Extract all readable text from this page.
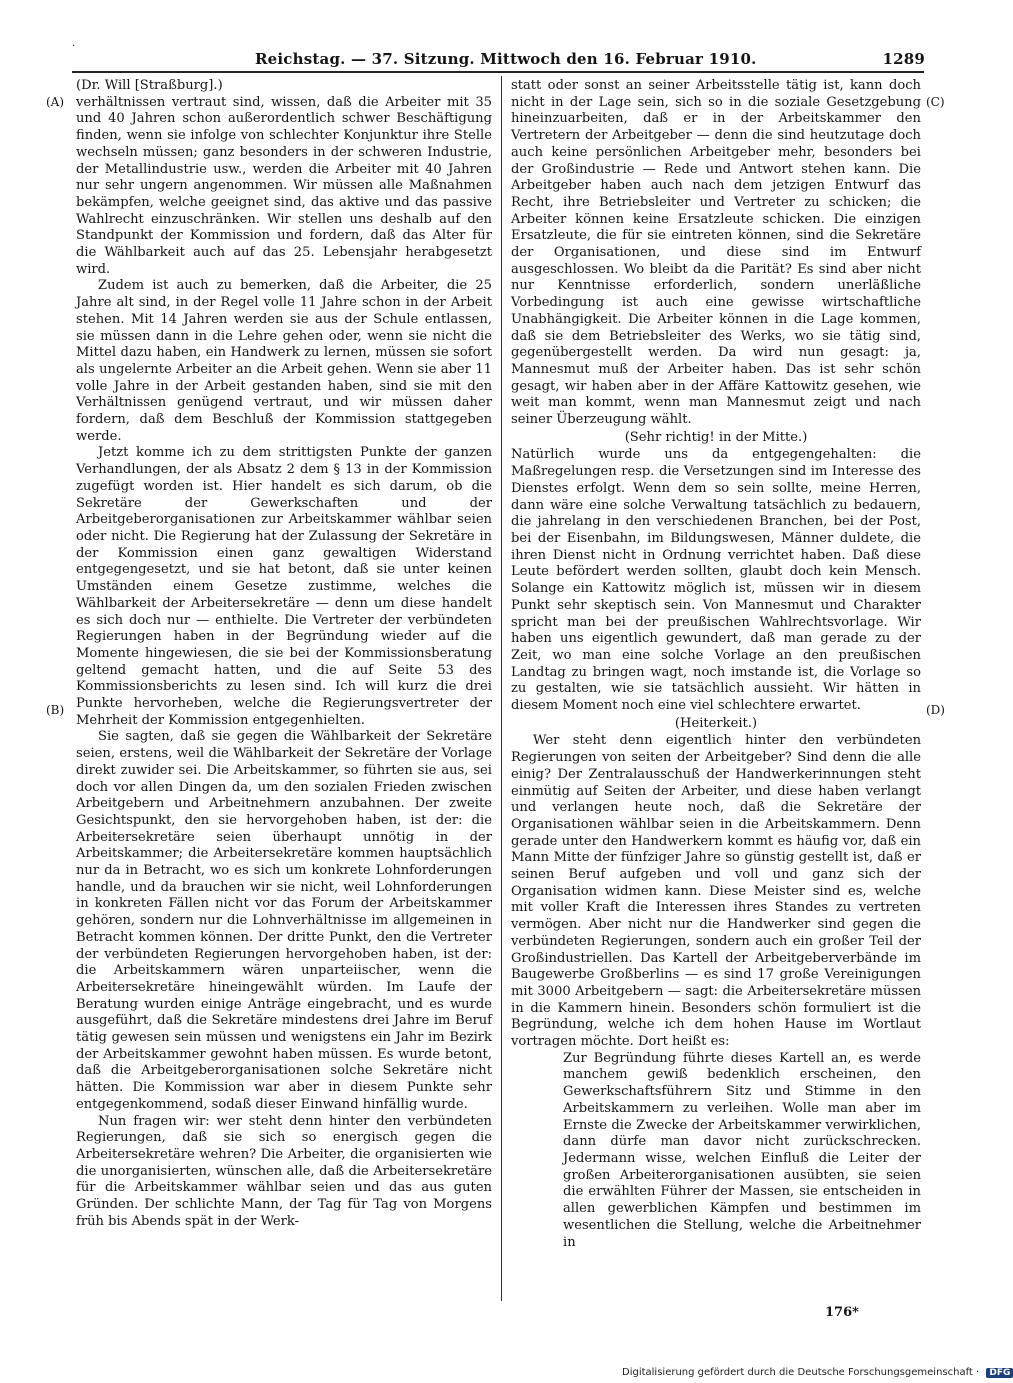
.
Reichstag. — 37. Sitzung. Mittwoch den 16. Februar 1910.	1289
(A)
(B)
(C)
(D)

(Dr. Will [Straßburg].)

verhältnissen vertraut sind, wissen, daß die Arbeiter mit 35 und 40 Jahren schon außerordentlich schwer Beschäftigung finden, wenn sie infolge von schlechter Konjunktur ihre Stelle wechseln müssen; ganz besonders in der schweren Industrie, der Metallindustrie usw., werden die Arbeiter mit 40 Jahren nur sehr ungern angenommen. Wir müssen alle Maßnahmen bekämpfen, welche geeignet sind, das aktive und das passive Wahlrecht einzuschränken. Wir stellen uns deshalb auf den Standpunkt der Kommission und fordern, daß das Alter für die Wählbarkeit auch auf das 25. Lebensjahr herabgesetzt wird.

Zudem ist auch zu bemerken, daß die Arbeiter, die 25 Jahre alt sind, in der Regel volle 11 Jahre schon in der Arbeit stehen. Mit 14 Jahren werden sie aus der Schule entlassen, sie müssen dann in die Lehre gehen oder, wenn sie nicht die Mittel dazu haben, ein Handwerk zu lernen, müssen sie sofort als ungelernte Arbeiter an die Arbeit gehen. Wenn sie aber 11 volle Jahre in der Arbeit gestanden haben, sind sie mit den Verhältnissen genügend vertraut, und wir müssen daher fordern, daß dem Beschluß der Kommission stattgegeben werde.

Jetzt komme ich zu dem strittigsten Punkte der ganzen Verhandlungen, der als Absatz 2 dem § 13 in der Kommission zugefügt worden ist. Hier handelt es sich darum, ob die Sekretäre der Gewerkschaften und der Arbeitgeberorganisationen zur Arbeitskammer wählbar seien oder nicht. Die Regierung hat der Zulassung der Sekretäre in der Kommission einen ganz gewaltigen Widerstand entgegengesetzt, und sie hat betont, daß sie unter keinen Umständen einem Gesetze zustimme, welches die Wählbarkeit der Arbeitersekretäre — denn um diese handelt es sich doch nur — enthielte. Die Vertreter der verbündeten Regierungen haben in der Begründung wieder auf die Momente hingewiesen, die sie bei der Kommissionsberatung geltend gemacht hatten, und die auf Seite 53 des Kommissionsberichts zu lesen sind. Ich will kurz die drei Punkte hervorheben, welche die Regierungsvertreter der Mehrheit der Kommission entgegenhielten.

Sie sagten, daß sie gegen die Wählbarkeit der Sekretäre seien, erstens, weil die Wählbarkeit der Sekretäre der Vorlage direkt zuwider sei. Die Arbeitskammer, so führten sie aus, sei doch vor allen Dingen da, um den sozialen Frieden zwischen Arbeitgebern und Arbeitnehmern anzubahnen. Der zweite Gesichtspunkt, den sie hervorgehoben haben, ist der: die Arbeitersekretäre seien überhaupt unnötig in der Arbeitskammer; die Arbeitersekretäre kommen hauptsächlich nur da in Betracht, wo es sich um konkrete Lohnforderungen handle, und da brauchen wir sie nicht, weil Lohnforderungen in konkreten Fällen nicht vor das Forum der Arbeitskammer gehören, sondern nur die Lohnverhältnisse im allgemeinen in Betracht kommen können. Der dritte Punkt, den die Vertreter der verbündeten Regierungen hervorgehoben haben, ist der: die Arbeitskammern wären unparteiischer, wenn die Arbeitersekretäre hineingewählt würden. Im Laufe der Beratung wurden einige Anträge eingebracht, und es wurde ausgeführt, daß die Sekretäre mindestens drei Jahre im Beruf tätig gewesen sein müssen und wenigstens ein Jahr im Bezirk der Arbeitskammer gewohnt haben müssen. Es wurde betont, daß die Arbeitgeberorganisationen solche Sekretäre nicht hätten. Die Kommission war aber in diesem Punkte sehr entgegenkommend, sodaß dieser Einwand hinfällig wurde.

Nun fragen wir: wer steht denn hinter den verbündeten Regierungen, daß sie sich so energisch gegen die Arbeitersekretäre wehren? Die Arbeiter, die organisierten wie die unorganisierten, wünschen alle, daß die Arbeitersekretäre für die Arbeitskammer wählbar seien und das aus guten Gründen. Der schlichte Mann, der Tag für Tag von Morgens früh bis Abends spät in der Werk-

statt oder sonst an seiner Arbeitsstelle tätig ist, kann doch nicht in der Lage sein, sich so in die soziale Gesetzgebung hineinzuarbeiten, daß er in der Arbeitskammer den Vertretern der Arbeitgeber — denn die sind heutzutage doch auch keine persönlichen Arbeitgeber mehr, besonders bei der Großindustrie — Rede und Antwort stehen kann. Die Arbeitgeber haben auch nach dem jetzigen Entwurf das Recht, ihre Betriebsleiter und Vertreter zu schicken; die Arbeiter können keine Ersatzleute schicken. Die einzigen Ersatzleute, die für sie eintreten können, sind die Sekretäre der Organisationen, und diese sind im Entwurf ausgeschlossen. Wo bleibt da die Parität? Es sind aber nicht nur Kenntnisse erforderlich, sondern unerläßliche Vorbedingung ist auch eine gewisse wirtschaftliche Unabhängigkeit. Die Arbeiter können in die Lage kommen, daß sie dem Betriebsleiter des Werks, wo sie tätig sind, gegenübergestellt werden. Da wird nun gesagt: ja, Mannesmut muß der Arbeiter haben. Das ist sehr schön gesagt, wir haben aber in der Affäre Kattowitz gesehen, wie weit man kommt, wenn man Mannesmut zeigt und nach seiner Überzeugung wählt.

(Sehr richtig! in der Mitte.)

Natürlich wurde uns da entgegengehalten: die Maßregelungen resp. die Versetzungen sind im Interesse des Dienstes erfolgt. Wenn dem so sein sollte, meine Herren, dann wäre eine solche Verwaltung tatsächlich zu bedauern, die jahrelang in den verschiedenen Branchen, bei der Post, bei der Eisenbahn, im Bildungswesen, Männer duldete, die ihren Dienst nicht in Ordnung verrichtet haben. Daß diese Leute befördert werden sollten, glaubt doch kein Mensch. Solange ein Kattowitz möglich ist, müssen wir in diesem Punkt sehr skeptisch sein. Von Mannesmut und Charakter spricht man bei der preußischen Wahlrechtsvorlage. Wir haben uns eigentlich gewundert, daß man gerade zu der Zeit, wo man eine solche Vorlage an den preußischen Landtag zu bringen wagt, noch imstande ist, die Vorlage so zu gestalten, wie sie tatsächlich aussieht. Wir hätten in diesem Moment noch eine viel schlechtere erwartet.

(Heiterkeit.)

Wer steht denn eigentlich hinter den verbündeten Regierungen von seiten der Arbeitgeber? Sind denn die alle einig? Der Zentralausschuß der Handwerkerinnungen steht einmütig auf Seiten der Arbeiter, und diese haben verlangt und verlangen heute noch, daß die Sekretäre der Organisationen wählbar seien in die Arbeitskammern. Denn gerade unter den Handwerkern kommt es häufig vor, daß ein Mann Mitte der fünfziger Jahre so günstig gestellt ist, daß er seinen Beruf aufgeben und voll und ganz sich der Organisation widmen kann. Diese Meister sind es, welche mit voller Kraft die Interessen ihres Standes zu vertreten vermögen. Aber nicht nur die Handwerker sind gegen die verbündeten Regierungen, sondern auch ein großer Teil der Großindustriellen. Das Kartell der Arbeitgeberverbände im Baugewerbe Großberlins — es sind 17 große Vereinigungen mit 3000 Arbeitgebern — sagt: die Arbeitersekretäre müssen in die Kammern hinein. Besonders schön formuliert ist die Begründung, welche ich dem hohen Hause im Wortlaut vortragen möchte. Dort heißt es:

Zur Begründung führte dieses Kartell an, es werde manchem gewiß bedenklich erscheinen, den Gewerkschaftsführern Sitz und Stimme in den Arbeitskammern zu verleihen. Wolle man aber im Ernste die Zwecke der Arbeitskammer verwirklichen, dann dürfe man davor nicht zurückschrecken. Jedermann wisse, welchen Einfluß die Leiter der großen Arbeiterorganisationen ausübten, sie seien die erwählten Führer der Massen, sie entscheiden in allen gewerblichen Kämpfen und bestimmen im wesentlichen die Stellung, welche die Arbeitnehmer in

176*
Digitalisierung gefördert durch die Deutsche Forschungsgemeinschaft · DFG
